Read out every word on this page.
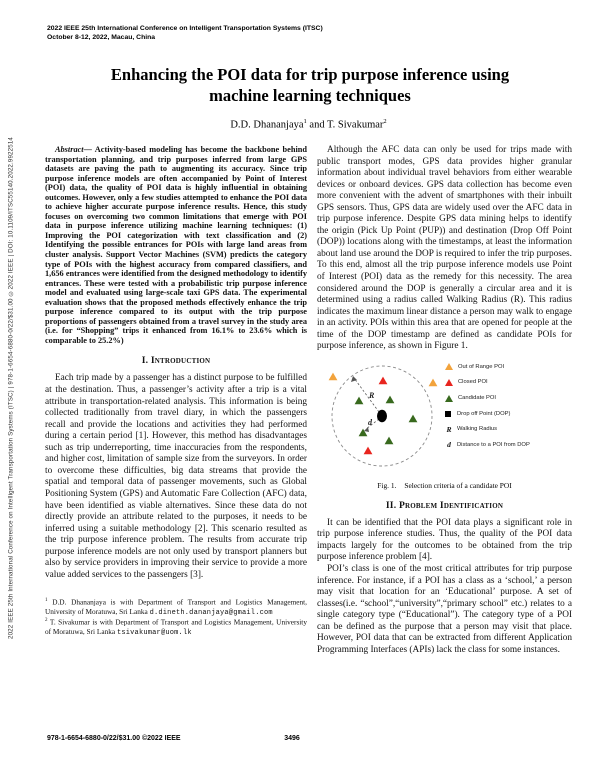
2022 IEEE 25th International Conference on Intelligent Transportation Systems (ITSC) | 978-1-6654-6880-0/22/$31.00 ©2022 IEEE | DOI: 10.1109/ITSC55140.2022.9922514
2022 IEEE 25th International Conference on Intelligent Transportation Systems (ITSC)
October 8-12, 2022, Macau, China
Enhancing the POI data for trip purpose inference using machine learning techniques
D.D. Dhananjaya$^1$ and T. Sivakumar$^2$

Abstract— Activity-based modeling has become the backbone behind transportation planning, and trip purposes inferred from large GPS datasets are paving the path to augmenting its accuracy. Since trip purpose inference models are often accompanied by Point of Interest (POI) data, the quality of POI data is highly influential in obtaining outcomes. However, only a few studies attempted to enhance the POI data to achieve higher accurate purpose inference results. Hence, this study focuses on overcoming two common limitations that emerge with POI data in purpose inference utilizing machine learning techniques: (1) Improving the POI categorization with text classification and (2) Identifying the possible entrances for POIs with large land areas from cluster analysis. Support Vector Machines (SVM) predicts the category type of POIs with the highest accuracy from compared classifiers, and 1,656 entrances were identified from the designed methodology to identify entrances. These were tested with a probabilistic trip purpose inference model and evaluated using large-scale taxi GPS data. The experimental evaluation shows that the proposed methods effectively enhance the trip purpose inference compared to its output with the trip purpose proportions of passengers obtained from a travel survey in the study area (i.e. for “Shopping” trips it enhanced from 16.1% to 23.6% which is comparable to 25.2%)

I. Introduction

Each trip made by a passenger has a distinct purpose to be fulfilled at the destination. Thus, a passenger’s activity after a trip is a vital attribute in transportation-related analysis. This information is being collected traditionally from travel diary, in which the passengers recall and provide the locations and activities they had performed during a certain period [1]. However, this method has disadvantages such as trip underreporting, time inaccuracies from the respondents, and higher cost, limitation of sample size from the surveyors. In order to overcome these difficulties, big data streams that provide the spatial and temporal data of passenger movements, such as Global Positioning System (GPS) and Automatic Fare Collection (AFC) data, have been identified as viable alternatives. Since these data do not directly provide an attribute related to the purposes, it needs to be inferred using a suitable methodology [2]. This scenario resulted as the trip purpose inference problem. The results from accurate trip purpose inference models are not only used by transport planners but also by service providers in improving their service to provide a more value added services to the passengers [3].

$^1$ D.D. Dhananjaya is with Department of Transport and Logistics Management, University of Moratuwa, Sri Lanka d.dineth.dananjaya@gmail.com
$^2$ T. Sivakumar is with Department of Transport and Logistics Management, University of Moratuwa, Sri Lanka tsivakumar@uom.lk

Although the AFC data can only be used for trips made with public transport modes, GPS data provides higher granular information about individual travel behaviors from either wearable devices or onboard devices. GPS data collection has become even more convenient with the advent of smartphones with their inbuilt GPS sensors. Thus, GPS data are widely used over the AFC data in trip purpose inference. Despite GPS data mining helps to identify the origin (Pick Up Point (PUP)) and destination (Drop Off Point (DOP)) locations along with the timestamps, at least the information about land use around the DOP is required to infer the trip purposes. To this end, almost all the trip purpose inference models use Point of Interest (POI) data as the remedy for this necessity. The area considered around the DOP is generally a circular area and it is determined using a radius called Walking Radius (R). This radius indicates the maximum linear distance a person may walk to engage in an activity. POIs within this area that are opened for people at the time of the DOP timestamp are defined as candidate POIs for purpose inference, as shown in Figure 1.

R
d
Out of Range POI
Closed POI
Candidate POI
Drop off Point (DOP)
R Walking Radius
d	Distance to a POI from DOP
Fig. 1. Selection criteria of a candidate POI
II. Problem Identification

It can be identified that the POI data plays a significant role in trip purpose inference studies. Thus, the quality of the POI data impacts largely for the outcomes to be obtained from the trip purpose inference problem [4].

POI’s class is one of the most critical attributes for trip purpose inference. For instance, if a POI has a class as a ‘school,’ a person may visit that location for an ‘Educational’ purpose. A set of classes(i.e. “school”,“university”,“primary school” etc.) relates to a single category type (“Educational”). The category type of a POI can be defined as the purpose that a person may visit that place. However, POI data that can be extracted from different Application Programming Interfaces (APIs) lack the class for some instances.

978-1-6654-6880-0/22/$31.00 ©2022 IEEE	3496
